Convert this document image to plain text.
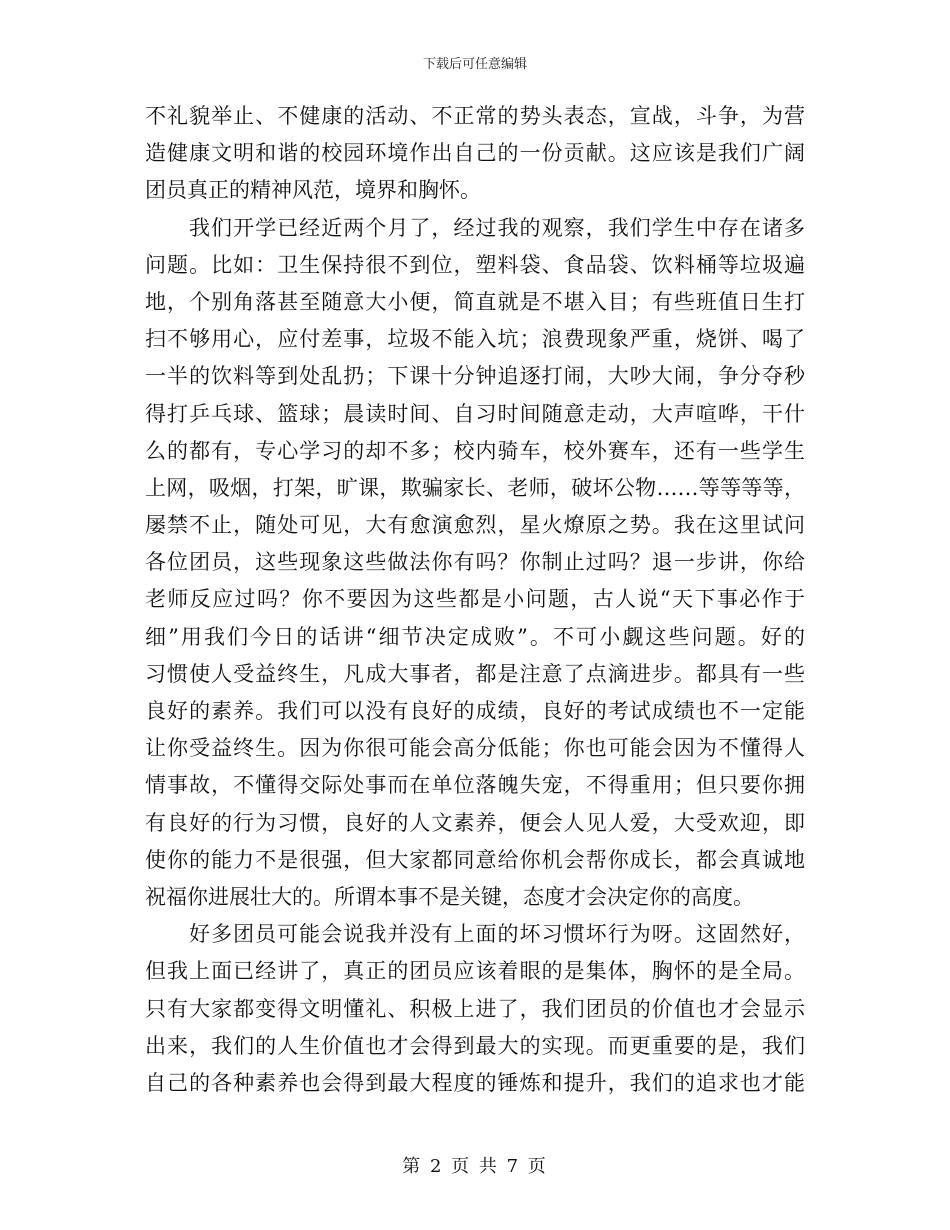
下载后可任意编辑
不礼貌举止、不健康的活动、不正常的势头表态，宣战，斗争，为营
造健康文明和谐的校园环境作出自己的一份贡献。这应该是我们广阔
团员真正的精神风范，境界和胸怀。
我们开学已经近两个月了，经过我的观察，我们学生中存在诸多
问题。比如：卫生保持很不到位，塑料袋、食品袋、饮料桶等垃圾遍
地，个别角落甚至随意大小便，简直就是不堪入目；有些班值日生打
扫不够用心，应付差事，垃圾不能入坑；浪费现象严重，烧饼、喝了
一半的饮料等到处乱扔；下课十分钟追逐打闹，大吵大闹，争分夺秒
得打乒乓球、篮球；晨读时间、自习时间随意走动，大声喧哗，干什
么的都有，专心学习的却不多；校内骑车，校外赛车，还有一些学生
上网，吸烟，打架，旷课，欺骗家长、老师，破坏公物……等等等等，
屡禁不止，随处可见，大有愈演愈烈，星火燎原之势。我在这里试问
各位团员，这些现象这些做法你有吗？你制止过吗？退一步讲，你给
老师反应过吗？你不要因为这些都是小问题，古人说“天下事必作于
细”用我们今日的话讲“细节决定成败”。不可小觑这些问题。好的
习惯使人受益终生，凡成大事者，都是注意了点滴进步。都具有一些
良好的素养。我们可以没有良好的成绩，良好的考试成绩也不一定能
让你受益终生。因为你很可能会高分低能；你也可能会因为不懂得人
情事故，不懂得交际处事而在单位落魄失宠，不得重用；但只要你拥
有良好的行为习惯，良好的人文素养，便会人见人爱，大受欢迎，即
使你的能力不是很强，但大家都同意给你机会帮你成长，都会真诚地
祝福你进展壮大的。所谓本事不是关键，态度才会决定你的高度。
好多团员可能会说我并没有上面的坏习惯坏行为呀。这固然好，
但我上面已经讲了，真正的团员应该着眼的是集体，胸怀的是全局。
只有大家都变得文明懂礼、积极上进了，我们团员的价值也才会显示
出来，我们的人生价值也才会得到最大的实现。而更重要的是，我们
自己的各种素养也会得到最大程度的锤炼和提升，我们的追求也才能
第 2 页 共 7 页
